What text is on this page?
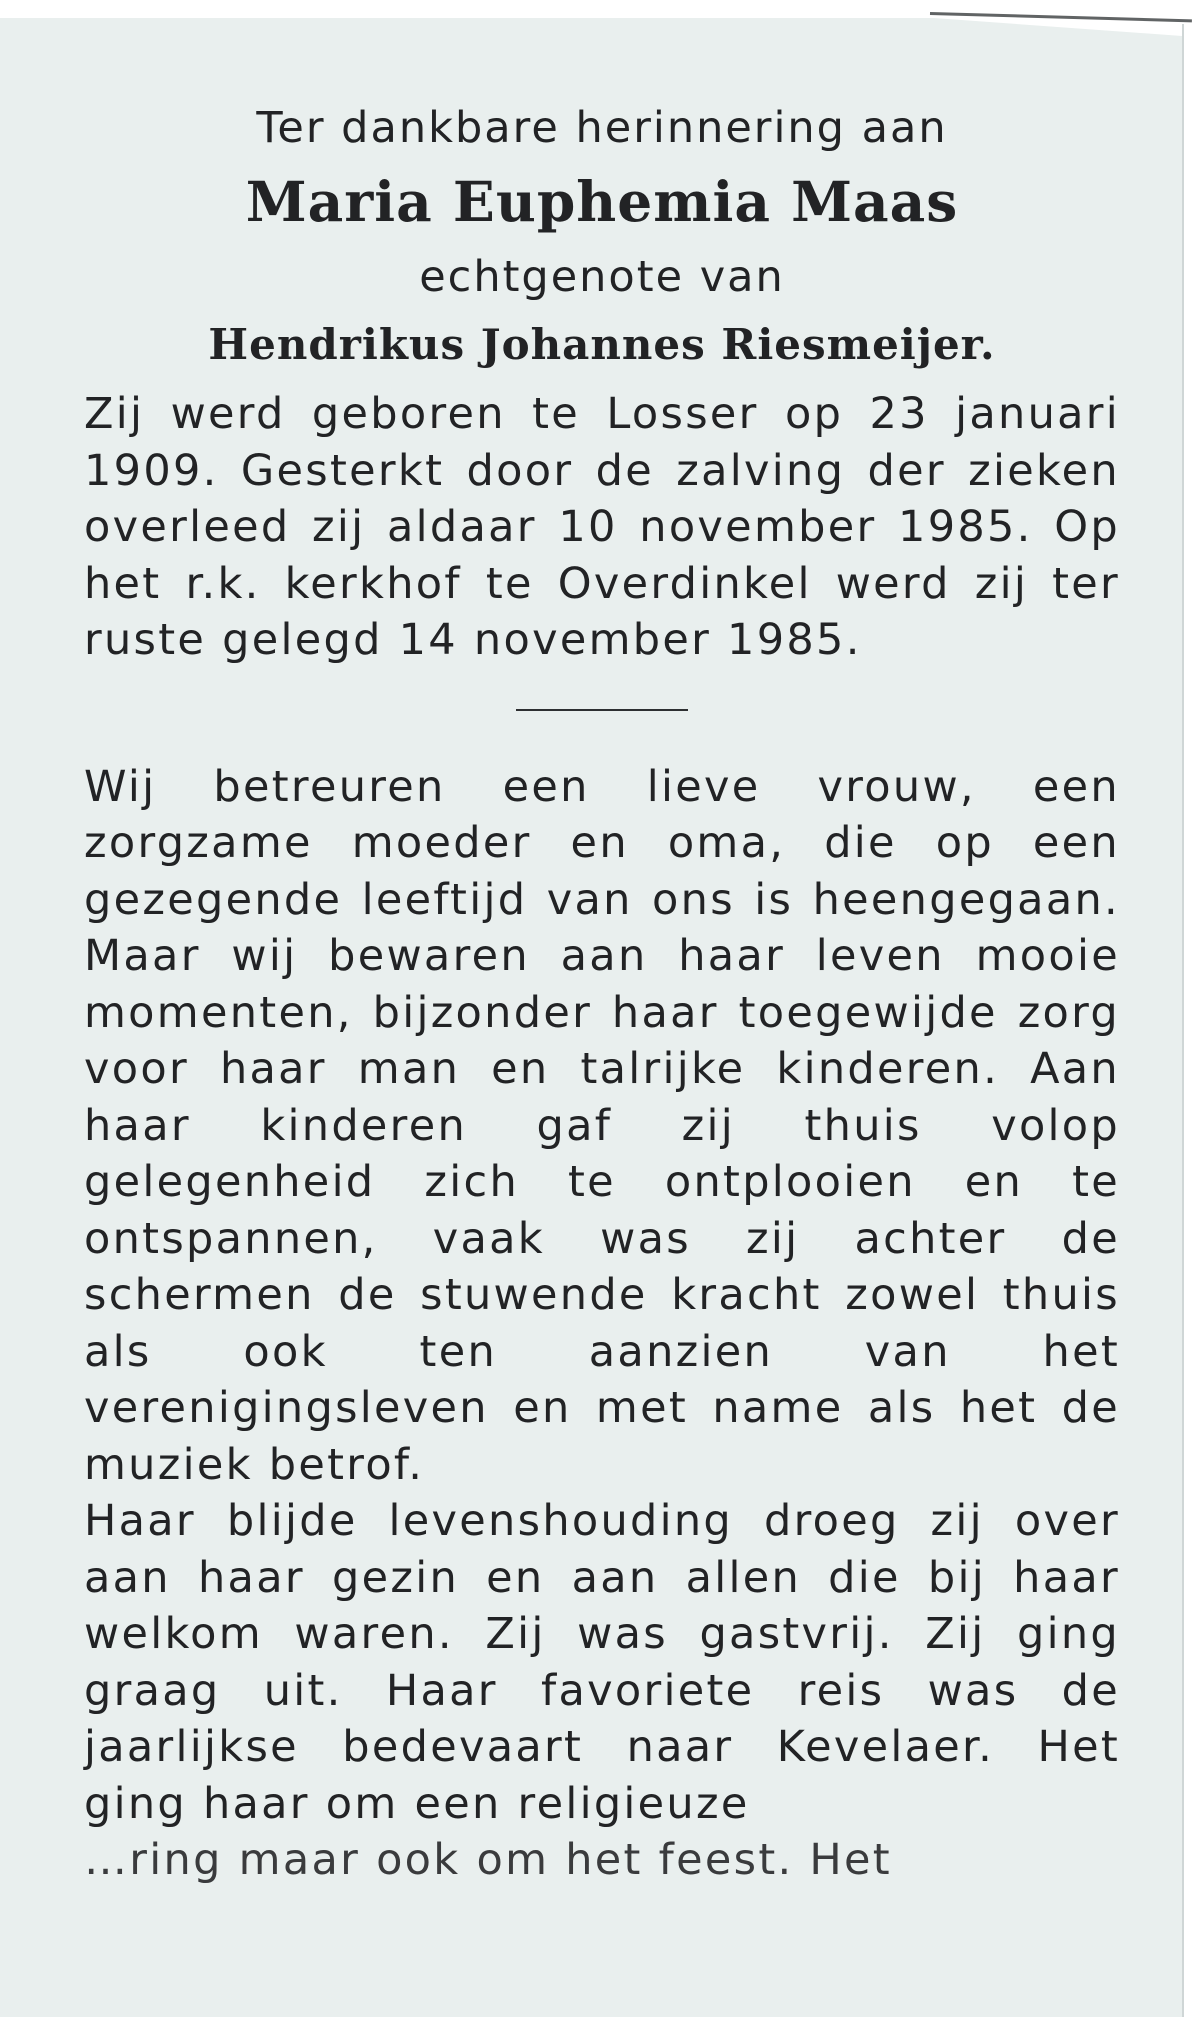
Ter dankbare herinnering aan
Maria Euphemia Maas
echtgenote van
Hendrikus Johannes Riesmeijer.

Zij werd geboren te Losser op 23 januari 1909. Gesterkt door de zalving der zieken overleed zij aldaar 10 november 1985. Op het r.k. kerkhof te Overdinkel werd zij ter ruste gelegd 14 november 1985.

Wij betreuren een lieve vrouw, een zorgzame moeder en oma, die op een gezegende leeftijd van ons is heengegaan. Maar wij bewaren aan haar leven mooie momenten, bijzonder haar toegewijde zorg voor haar man en talrijke kinderen. Aan haar kinderen gaf zij thuis volop gelegenheid zich te ontplooien en te ontspannen, vaak was zij achter de schermen de stuwende kracht zowel thuis als ook ten aanzien van het verenigingsleven en met name als het de muziek betrof.

Haar blijde levenshouding droeg zij over aan haar gezin en aan allen die bij haar welkom waren. Zij was gastvrij. Zij ging graag uit. Haar favoriete reis was de jaarlijkse bedevaart naar Kevelaer. Het ging haar om een religieuze

…ring maar ook om het feest. Het
